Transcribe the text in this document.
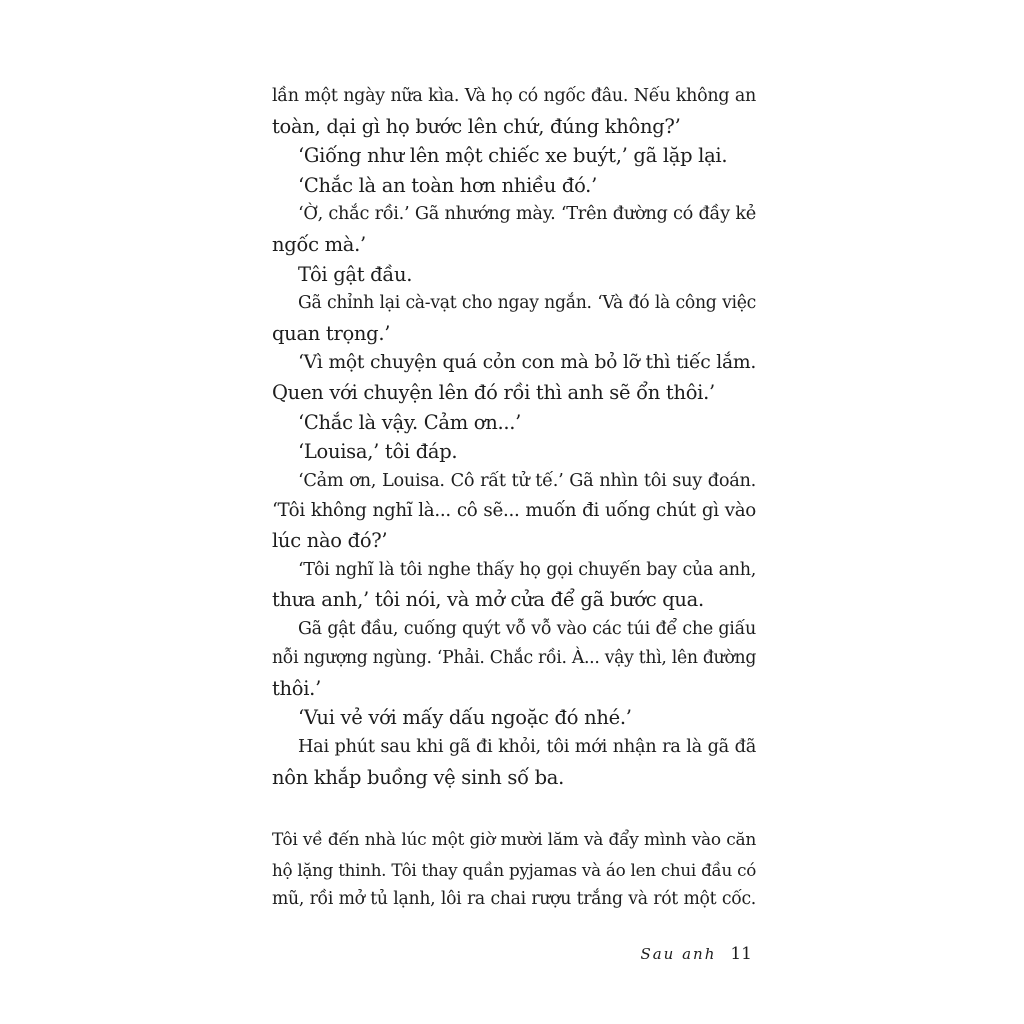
lần một ngày nữa kìa. Và họ có ngốc đâu. Nếu không an
toàn, dại gì họ bước lên chứ, đúng không?’
‘Giống như lên một chiếc xe buýt,’ gã lặp lại.
‘Chắc là an toàn hơn nhiều đó.’
‘Ờ, chắc rồi.’ Gã nhướng mày. ‘Trên đường có đầy kẻ
ngốc mà.’
Tôi gật đầu.
Gã chỉnh lại cà-vạt cho ngay ngắn. ‘Và đó là công việc
quan trọng.’
‘Vì một chuyện quá cỏn con mà bỏ lỡ thì tiếc lắm.
Quen với chuyện lên đó rồi thì anh sẽ ổn thôi.’
‘Chắc là vậy. Cảm ơn...’
‘Louisa,’ tôi đáp.
‘Cảm ơn, Louisa. Cô rất tử tế.’ Gã nhìn tôi suy đoán.
‘Tôi không nghĩ là... cô sẽ... muốn đi uống chút gì vào
lúc nào đó?’
‘Tôi nghĩ là tôi nghe thấy họ gọi chuyến bay của anh,
thưa anh,’ tôi nói, và mở cửa để gã bước qua.
Gã gật đầu, cuống quýt vỗ vỗ vào các túi để che giấu
nỗi ngượng ngùng. ‘Phải. Chắc rồi. À... vậy thì, lên đường
thôi.’
‘Vui vẻ với mấy dấu ngoặc đó nhé.’
Hai phút sau khi gã đi khỏi, tôi mới nhận ra là gã đã
nôn khắp buồng vệ sinh số ba.
Tôi về đến nhà lúc một giờ mười lăm và đẩy mình vào căn
hộ lặng thinh. Tôi thay quần pyjamas và áo len chui đầu có
mũ, rồi mở tủ lạnh, lôi ra chai rượu trắng và rót một cốc.
Sau anh 11
